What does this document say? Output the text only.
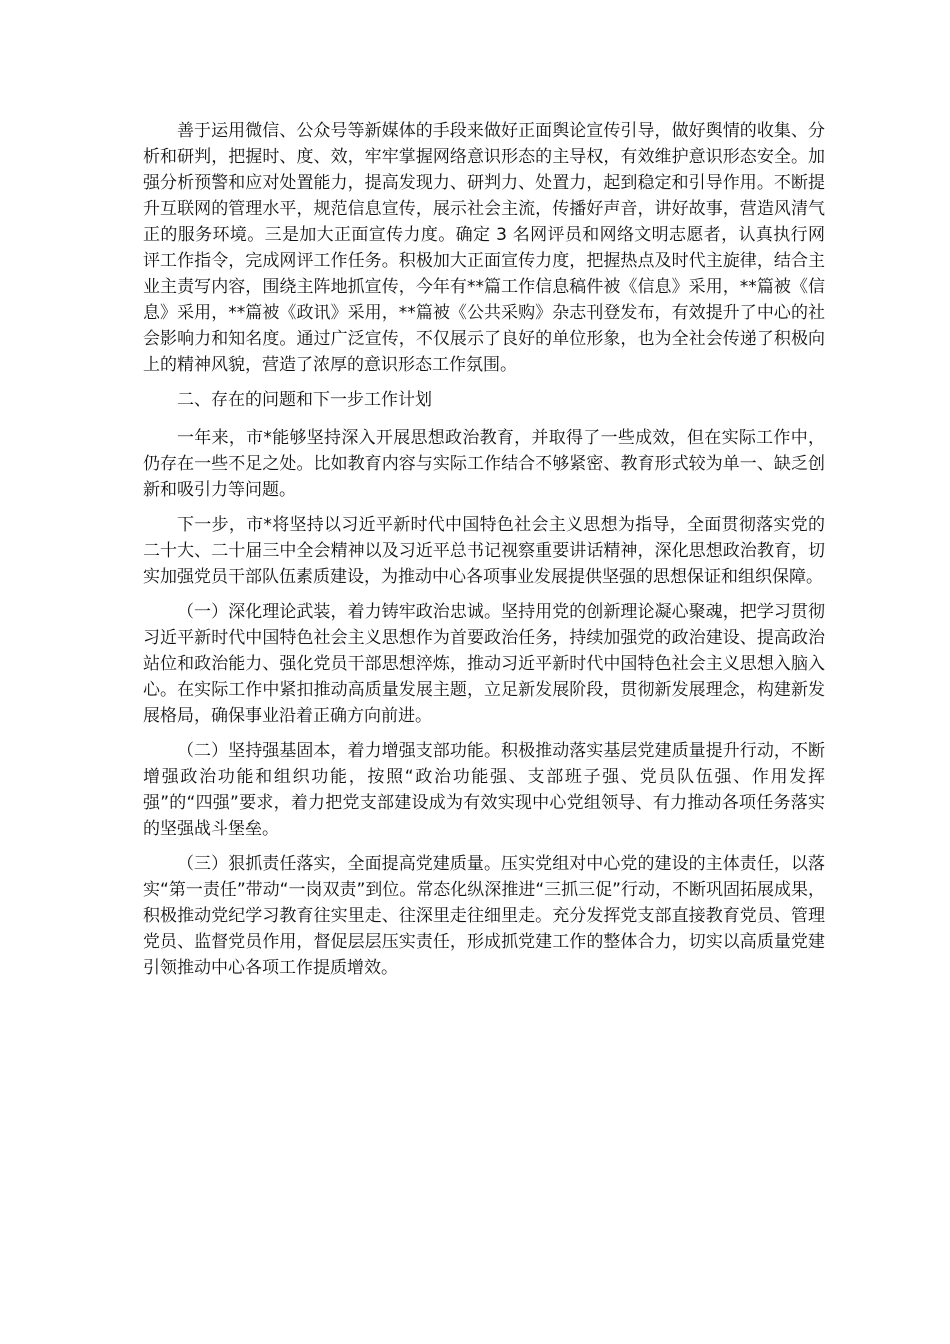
善于运用微信、公众号等新媒体的手段来做好正面舆论宣传引导，做好舆情的收集、分析和研判，把握时、度、效，牢牢掌握网络意识形态的主导权，有效维护意识形态安全。加强分析预警和应对处置能力，提高发现力、研判力、处置力，起到稳定和引导作用。不断提升互联网的管理水平，规范信息宣传，展示社会主流，传播好声音，讲好故事，营造风清气正的服务环境。三是加大正面宣传力度。确定 3 名网评员和网络文明志愿者，认真执行网评工作指令，完成网评工作任务。积极加大正面宣传力度，把握热点及时代主旋律，结合主业主责写内容，围绕主阵地抓宣传，今年有**篇工作信息稿件被《信息》采用，**篇被《信息》采用，**篇被《政讯》采用，**篇被《公共采购》杂志刊登发布，有效提升了中心的社会影响力和知名度。通过广泛宣传，不仅展示了良好的单位形象，也为全社会传递了积极向上的精神风貌，营造了浓厚的意识形态工作氛围。

二、存在的问题和下一步工作计划

一年来，市*能够坚持深入开展思想政治教育，并取得了一些成效，但在实际工作中，仍存在一些不足之处。比如教育内容与实际工作结合不够紧密、教育形式较为单一、缺乏创新和吸引力等问题。

下一步，市*将坚持以习近平新时代中国特色社会主义思想为指导，全面贯彻落实党的二十大、二十届三中全会精神以及习近平总书记视察重要讲话精神，深化思想政治教育，切实加强党员干部队伍素质建设，为推动中心各项事业发展提供坚强的思想保证和组织保障。

（一）深化理论武装，着力铸牢政治忠诚。坚持用党的创新理论凝心聚魂，把学习贯彻习近平新时代中国特色社会主义思想作为首要政治任务，持续加强党的政治建设、提高政治站位和政治能力、强化党员干部思想淬炼，推动习近平新时代中国特色社会主义思想入脑入心。在实际工作中紧扣推动高质量发展主题，立足新发展阶段，贯彻新发展理念，构建新发展格局，确保事业沿着正确方向前进。

（二）坚持强基固本，着力增强支部功能。积极推动落实基层党建质量提升行动，不断增强政治功能和组织功能，按照“政治功能强、支部班子强、党员队伍强、作用发挥强”的“四强”要求，着力把党支部建设成为有效实现中心党组领导、有力推动各项任务落实的坚强战斗堡垒。

（三）狠抓责任落实，全面提高党建质量。压实党组对中心党的建设的主体责任，以落实“第一责任”带动“一岗双责”到位。常态化纵深推进“三抓三促”行动，不断巩固拓展成果，积极推动党纪学习教育往实里走、往深里走往细里走。充分发挥党支部直接教育党员、管理党员、监督党员作用，督促层层压实责任，形成抓党建工作的整体合力，切实以高质量党建引领推动中心各项工作提质增效。
